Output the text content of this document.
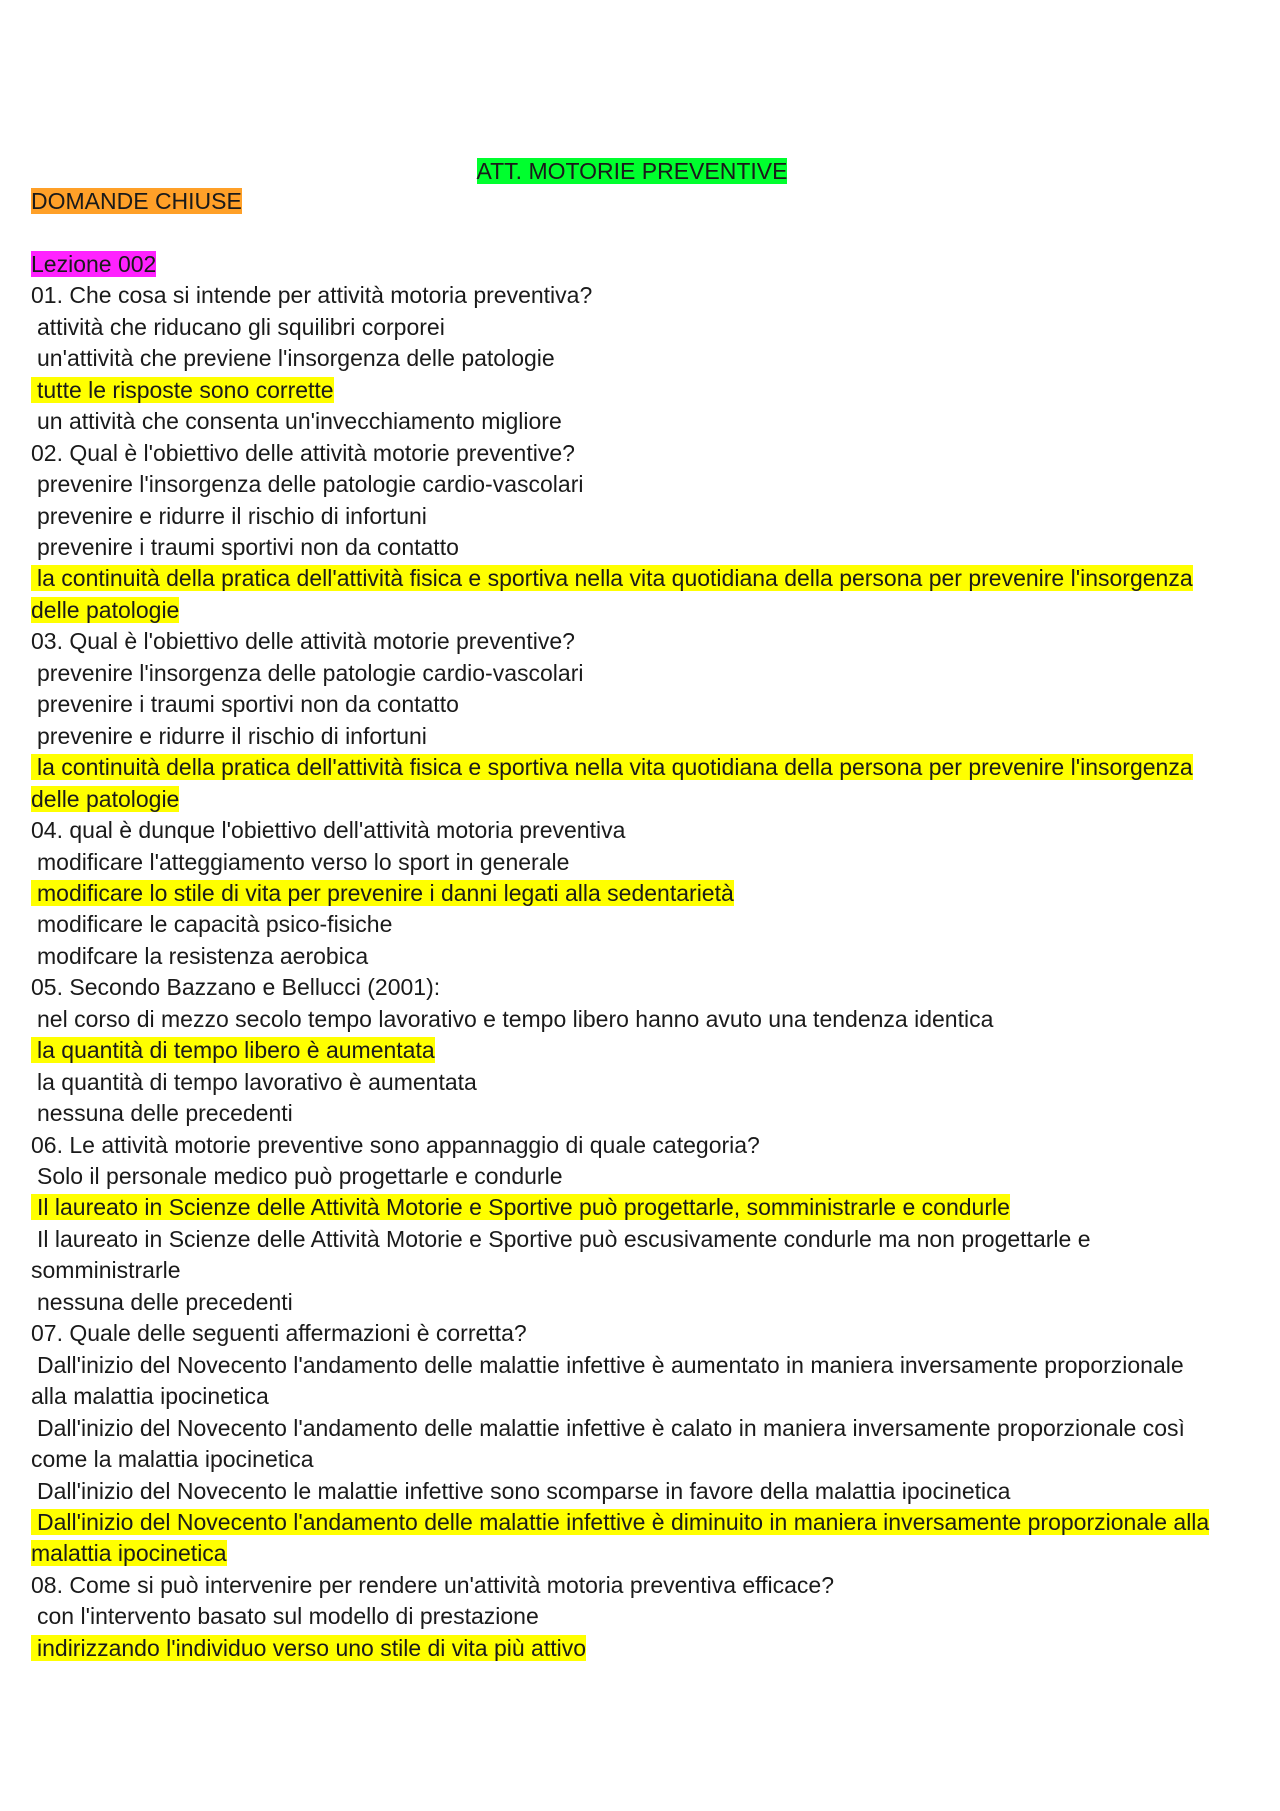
ATT. MOTORIE PREVENTIVE

DOMANDE CHIUSE

Lezione 002

01. Che cosa si intende per attività motoria preventiva?

attività che riducano gli squilibri corporei

un'attività che previene l'insorgenza delle patologie

tutte le risposte sono corrette

un attività che consenta un'invecchiamento migliore

02. Qual è l'obiettivo delle attività motorie preventive?

prevenire l'insorgenza delle patologie cardio-vascolari

prevenire e ridurre il rischio di infortuni

prevenire i traumi sportivi non da contatto

la continuità della pratica dell'attività fisica e sportiva nella vita quotidiana della persona per prevenire l'insorgenza

delle patologie

03. Qual è l'obiettivo delle attività motorie preventive?

prevenire l'insorgenza delle patologie cardio-vascolari

prevenire i traumi sportivi non da contatto

prevenire e ridurre il rischio di infortuni

la continuità della pratica dell'attività fisica e sportiva nella vita quotidiana della persona per prevenire l'insorgenza

delle patologie

04. qual è dunque l'obiettivo dell'attività motoria preventiva

modificare l'atteggiamento verso lo sport in generale

modificare lo stile di vita per prevenire i danni legati alla sedentarietà

modificare le capacità psico-fisiche

modifcare la resistenza aerobica

05. Secondo Bazzano e Bellucci (2001):

nel corso di mezzo secolo tempo lavorativo e tempo libero hanno avuto una tendenza identica

la quantità di tempo libero è aumentata

la quantità di tempo lavorativo è aumentata

nessuna delle precedenti

06. Le attività motorie preventive sono appannaggio di quale categoria?

Solo il personale medico può progettarle e condurle

Il laureato in Scienze delle Attività Motorie e Sportive può progettarle, somministrarle e condurle

Il laureato in Scienze delle Attività Motorie e Sportive può escusivamente condurle ma non progettarle e

somministrarle

nessuna delle precedenti

07. Quale delle seguenti affermazioni è corretta?

Dall'inizio del Novecento l'andamento delle malattie infettive è aumentato in maniera inversamente proporzionale

alla malattia ipocinetica

Dall'inizio del Novecento l'andamento delle malattie infettive è calato in maniera inversamente proporzionale così

come la malattia ipocinetica

Dall'inizio del Novecento le malattie infettive sono scomparse in favore della malattia ipocinetica

Dall'inizio del Novecento l'andamento delle malattie infettive è diminuito in maniera inversamente proporzionale alla

malattia ipocinetica

08. Come si può intervenire per rendere un'attività motoria preventiva efficace?

con l'intervento basato sul modello di prestazione

indirizzando l'individuo verso uno stile di vita più attivo
